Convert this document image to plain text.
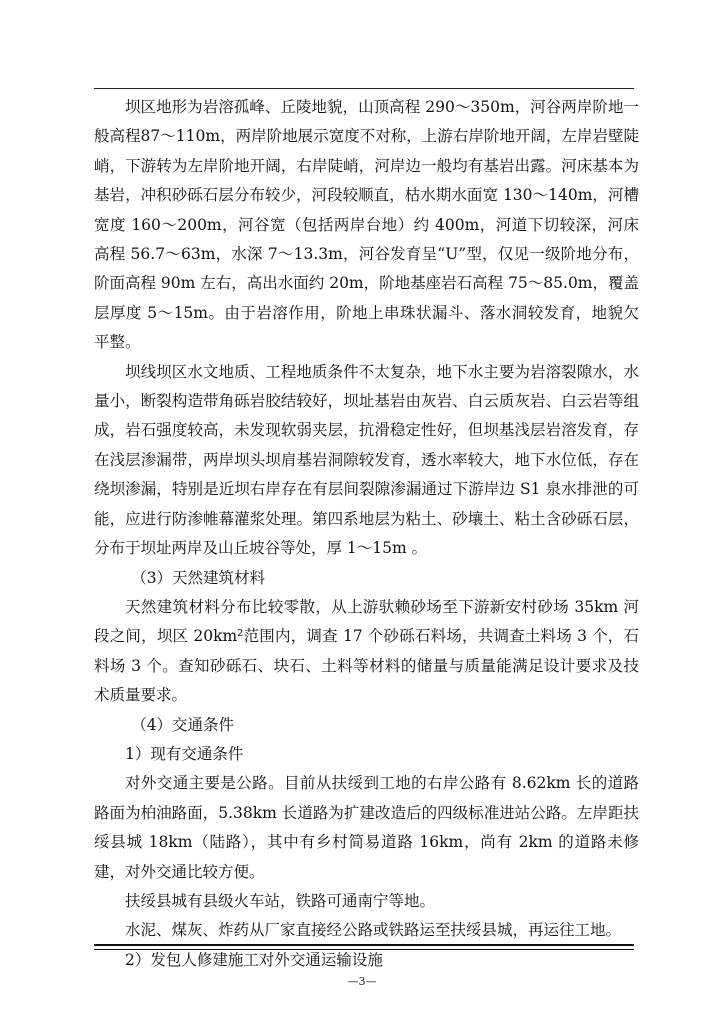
坝区地形为岩溶孤峰、丘陵地貌，山顶高程 290～350m，河谷两岸阶地一般高程87～110m，两岸阶地展示宽度不对称，上游右岸阶地开阔，左岸岩壁陡峭，下游转为左岸阶地开阔，右岸陡峭，河岸边一般均有基岩出露。河床基本为基岩，冲积砂砾石层分布较少，河段较顺直，枯水期水面宽 130～140m，河槽宽度 160～200m，河谷宽（包括两岸台地）约 400m，河道下切较深，河床高程 56.7～63m，水深 7～13.3m，河谷发育呈“U”型，仅见一级阶地分布，阶面高程 90m 左右，高出水面约 20m，阶地基座岩石高程 75～85.0m，覆盖层厚度 5～15m。由于岩溶作用，阶地上串珠状漏斗、落水洞较发育，地貌欠平整。

坝线坝区水文地质、工程地质条件不太复杂，地下水主要为岩溶裂隙水，水量小，断裂构造带角砾岩胶结较好，坝址基岩由灰岩、白云质灰岩、白云岩等组成，岩石强度较高，未发现软弱夹层，抗滑稳定性好，但坝基浅层岩溶发育，存在浅层渗漏带，两岸坝头坝肩基岩洞隙较发育，透水率较大，地下水位低，存在绕坝渗漏，特别是近坝右岸存在有层间裂隙渗漏通过下游岸边 S1 泉水排泄的可能，应进行防渗帷幕灌浆处理。第四系地层为粘土、砂壤土、粘土含砂砾石层，分布于坝址两岸及山丘坡谷等处，厚 1～15m 。

（3）天然建筑材料

天然建筑材料分布比较零散，从上游驮赖砂场至下游新安村砂场 35km 河段之间，坝区 20km²范围内，调查 17 个砂砾石料场，共调查土料场 3 个，石料场 3 个。查知砂砾石、块石、土料等材料的储量与质量能满足设计要求及技术质量要求。

（4）交通条件

1）现有交通条件

对外交通主要是公路。目前从扶绥到工地的右岸公路有 8.62km 长的道路路面为柏油路面，5.38km 长道路为扩建改造后的四级标准进站公路。左岸距扶绥县城 18km（陆路），其中有乡村简易道路 16km，尚有 2km 的道路未修建，对外交通比较方便。

扶绥县城有县级火车站，铁路可通南宁等地。

水泥、煤灰、炸药从厂家直接经公路或铁路运至扶绥县城，再运往工地。

2）发包人修建施工对外交通运输设施

—3—
